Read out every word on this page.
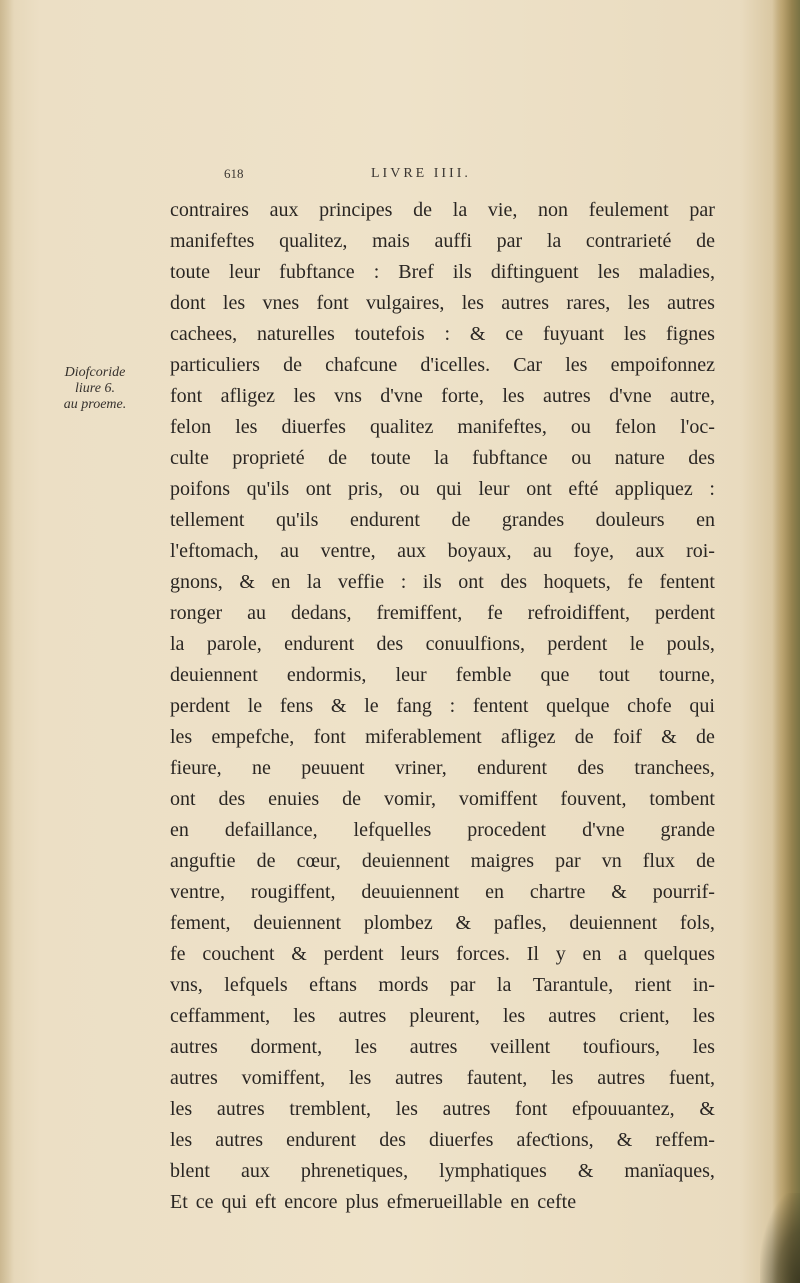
618	LIVRE IIII.
Diofcoride
liure 6.
au proeme.
contraires aux principes de la vie, non feulement par
manifeftes qualitez, mais auffi par la contrarieté de
toute leur fubftance : Bref ils diftinguent les maladies,
dont les vnes font vulgaires, les autres rares, les autres
cachees, naturelles toutefois : & ce fuyuant les fignes
particuliers de chafcune d'icelles. Car les empoifonnez
font afligez les vns d'vne forte, les autres d'vne autre,
felon les diuerfes qualitez manifeftes, ou felon l'oc-
culte proprieté de toute la fubftance ou nature des
poifons qu'ils ont pris, ou qui leur ont efté appliquez :
tellement qu'ils endurent de grandes douleurs en
l'eftomach, au ventre, aux boyaux, au foye, aux roi-
gnons, & en la veffie : ils ont des hoquets, fe fentent
ronger au dedans, fremiffent, fe refroidiffent, perdent
la parole, endurent des conuulfions, perdent le pouls,
deuiennent endormis, leur femble que tout tourne,
perdent le fens & le fang : fentent quelque chofe qui
les empefche, font miferablement afligez de foif & de
fieure, ne peuuent vriner, endurent des tranchees,
ont des enuies de vomir, vomiffent fouvent, tombent
en defaillance, lefquelles procedent d'vne grande
anguftie de cœur, deuiennent maigres par vn flux de
ventre, rougiffent, deuuiennent en chartre & pourrif-
fement, deuiennent plombez & pafles, deuiennent fols,
fe couchent & perdent leurs forces. Il y en a quelques
vns, lefquels eftans mords par la Tarantule, rient in-
ceffamment, les autres pleurent, les autres crient, les
autres dorment, les autres veillent toufiours, les
autres vomiffent, les autres fautent, les autres fuent,
les autres tremblent, les autres font efpouuantez, &
les autres endurent des diuerfes afeƈtions, & reffem-
blent aux phrenetiques, lymphatiques & manïaques,
Et ce qui eft encore plus efmerueillable en cefte
